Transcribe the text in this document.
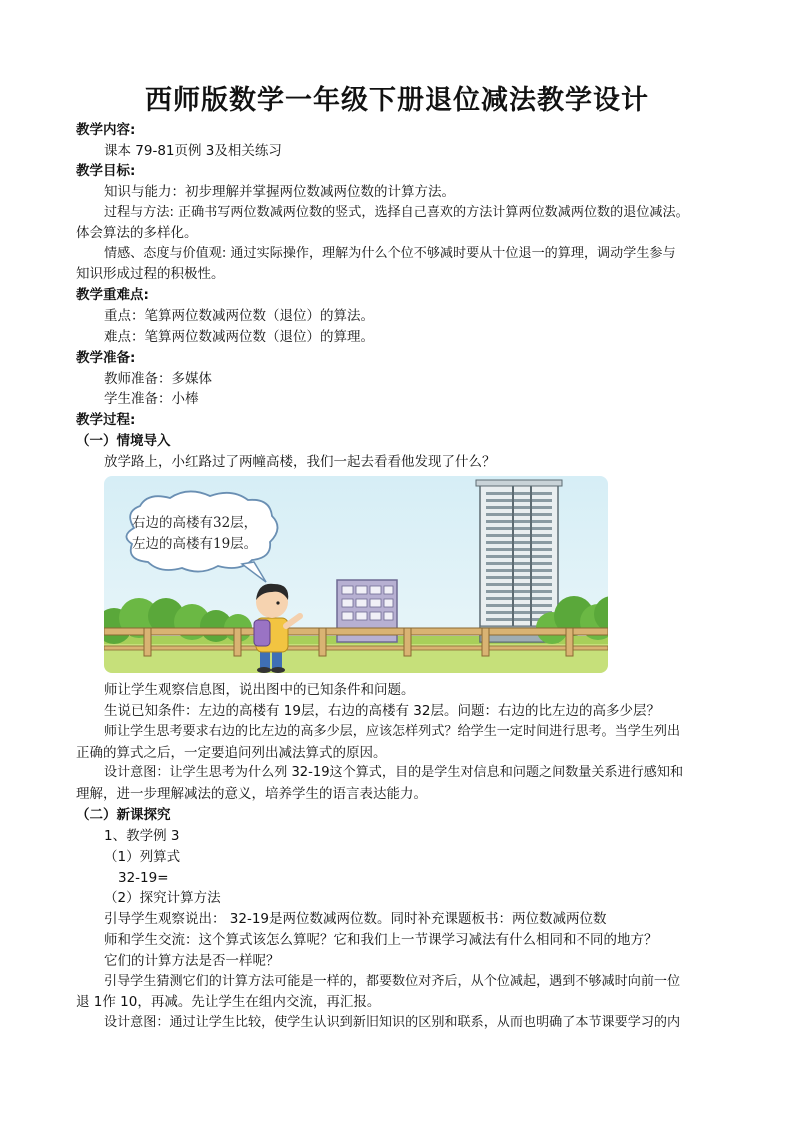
西师版数学一年级下册退位减法教学设计
教学内容:
课本 79-81页例 3及相关练习
教学目标:
知识与能力：初步理解并掌握两位数减两位数的计算方法。
过程与方法: 正确书写两位数减两位数的竖式，选择自己喜欢的方法计算两位数减两位数的退位减法。
体会算法的多样化。
情感、态度与价值观: 通过实际操作，理解为什么个位不够减时要从十位退一的算理，调动学生参与
知识形成过程的积极性。
教学重难点:
重点：笔算两位数减两位数（退位）的算法。
难点：笔算两位数减两位数（退位）的算理。
教学准备:
教师准备：多媒体
学生准备：小棒
教学过程:
（一）情境导入
放学路上，小红路过了两幢高楼，我们一起去看看他发现了什么？
右边的高楼有32层，
左边的高楼有19层。
师让学生观察信息图，说出图中的已知条件和问题。
生说已知条件：左边的高楼有 19层，右边的高楼有 32层。问题：右边的比左边的高多少层？
师让学生思考要求右边的比左边的高多少层，应该怎样列式？给学生一定时间进行思考。当学生列出
正确的算式之后，一定要追问列出减法算式的原因。
设计意图：让学生思考为什么列 32-19这个算式，目的是学生对信息和问题之间数量关系进行感知和
理解，进一步理解减法的意义，培养学生的语言表达能力。
（二）新课探究
1、教学例 3
（1）列算式
32-19=
（2）探究计算方法
引导学生观察说出： 32-19是两位数减两位数。同时补充课题板书：两位数减两位数
师和学生交流：这个算式该怎么算呢？它和我们上一节课学习减法有什么相同和不同的地方？
它们的计算方法是否一样呢？
引导学生猜测它们的计算方法可能是一样的，都要数位对齐后，从个位减起，遇到不够减时向前一位
退 1作 10，再减。先让学生在组内交流，再汇报。
设计意图：通过让学生比较，使学生认识到新旧知识的区别和联系，从而也明确了本节课要学习的内
